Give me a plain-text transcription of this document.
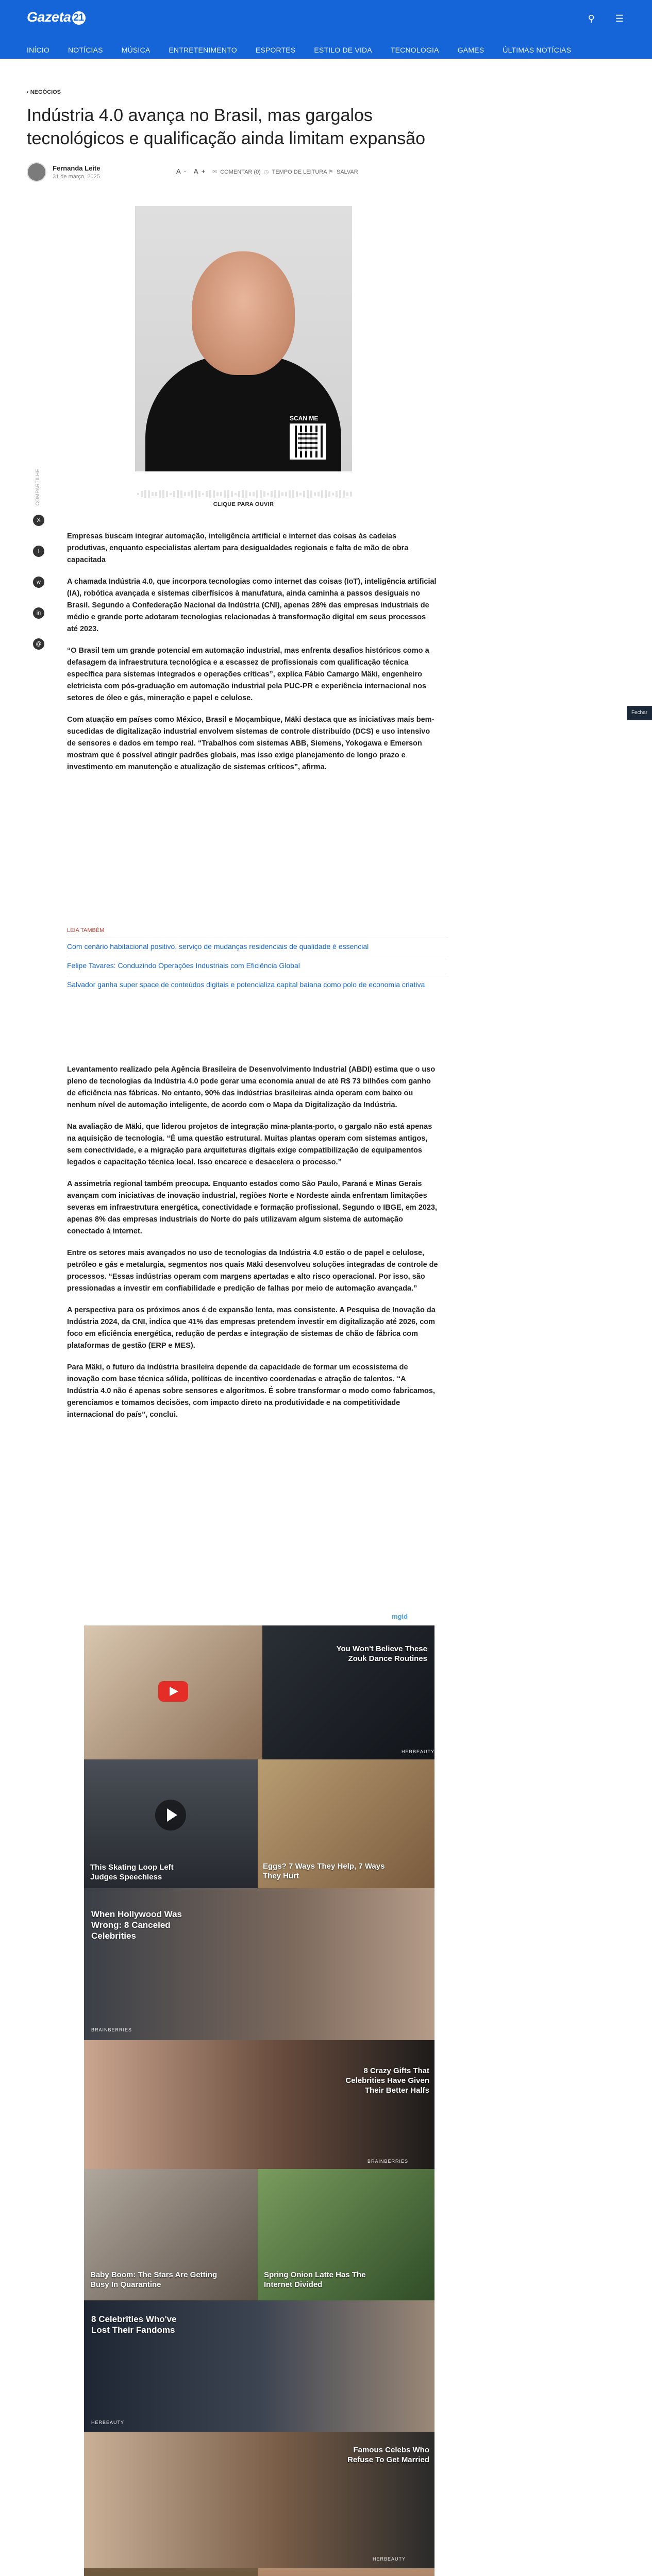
Gazeta 21	⚲ ☰
INÍCIO	NOTÍCIAS	MÚSICA	ENTRETENIMENTO	ESPORTES	ESTILO DE VIDA	TECNOLOGIA	GAMES	ÚLTIMAS NOTÍCIAS
‹ NEGÓCIOS
Indústria 4.0 avança no Brasil, mas gargalos tecnológicos e qualificação ainda limitam expansão
Fernanda Leite
31 de março, 2025
A- A+ ✉ COMENTAR (0) ◷ TEMPO DE LEITURA ⚑ SALVAR
COMPARTILHE
X
f
w
in
@
SCAN ME
CLIQUE PARA OUVIR

Empresas buscam integrar automação, inteligência artificial e internet das coisas às cadeias produtivas, enquanto especialistas alertam para desigualdades regionais e falta de mão de obra capacitada

A chamada Indústria 4.0, que incorpora tecnologias como internet das coisas (IoT), inteligência artificial (IA), robótica avançada e sistemas ciberfísicos à manufatura, ainda caminha a passos desiguais no Brasil. Segundo a Confederação Nacional da Indústria (CNI), apenas 28% das empresas industriais de médio e grande porte adotaram tecnologias relacionadas à transformação digital em seus processos até 2023.

“O Brasil tem um grande potencial em automação industrial, mas enfrenta desafios históricos como a defasagem da infraestrutura tecnológica e a escassez de profissionais com qualificação técnica específica para sistemas integrados e operações críticas”, explica Fábio Camargo Mäki, engenheiro eletricista com pós-graduação em automação industrial pela PUC-PR e experiência internacional nos setores de óleo e gás, mineração e papel e celulose.

Com atuação em países como México, Brasil e Moçambique, Mäki destaca que as iniciativas mais bem-sucedidas de digitalização industrial envolvem sistemas de controle distribuído (DCS) e uso intensivo de sensores e dados em tempo real. “Trabalhos com sistemas ABB, Siemens, Yokogawa e Emerson mostram que é possível atingir padrões globais, mas isso exige planejamento de longo prazo e investimento em manutenção e atualização de sistemas críticos”, afirma.

LEIA TAMBÉM
Com cenário habitacional positivo, serviço de mudanças residenciais de qualidade é essencial
Felipe Tavares: Conduzindo Operações Industriais com Eficiência Global
Salvador ganha super space de conteúdos digitais e potencializa capital baiana como polo de economia criativa

Levantamento realizado pela Agência Brasileira de Desenvolvimento Industrial (ABDI) estima que o uso pleno de tecnologias da Indústria 4.0 pode gerar uma economia anual de até R$ 73 bilhões com ganho de eficiência nas fábricas. No entanto, 90% das indústrias brasileiras ainda operam com baixo ou nenhum nível de automação inteligente, de acordo com o Mapa da Digitalização da Indústria.

Na avaliação de Mäki, que liderou projetos de integração mina-planta-porto, o gargalo não está apenas na aquisição de tecnologia. “É uma questão estrutural. Muitas plantas operam com sistemas antigos, sem conectividade, e a migração para arquiteturas digitais exige compatibilização de equipamentos legados e capacitação técnica local. Isso encarece e desacelera o processo.”

A assimetria regional também preocupa. Enquanto estados como São Paulo, Paraná e Minas Gerais avançam com iniciativas de inovação industrial, regiões Norte e Nordeste ainda enfrentam limitações severas em infraestrutura energética, conectividade e formação profissional. Segundo o IBGE, em 2023, apenas 8% das empresas industriais do Norte do país utilizavam algum sistema de automação conectado à internet.

Entre os setores mais avançados no uso de tecnologias da Indústria 4.0 estão o de papel e celulose, petróleo e gás e metalurgia, segmentos nos quais Mäki desenvolveu soluções integradas de controle de processos. “Essas indústrias operam com margens apertadas e alto risco operacional. Por isso, são pressionadas a investir em confiabilidade e predição de falhas por meio de automação avançada.”

A perspectiva para os próximos anos é de expansão lenta, mas consistente. A Pesquisa de Inovação da Indústria 2024, da CNI, indica que 41% das empresas pretendem investir em digitalização até 2026, com foco em eficiência energética, redução de perdas e integração de sistemas de chão de fábrica com plataformas de gestão (ERP e MES).

Para Mäki, o futuro da indústria brasileira depende da capacidade de formar um ecossistema de inovação com base técnica sólida, políticas de incentivo coordenadas e atração de talentos. “A Indústria 4.0 não é apenas sobre sensores e algoritmos. É sobre transformar o modo como fabricamos, gerenciamos e tomamos decisões, com impacto direto na produtividade e na competitividade internacional do país”, conclui.

mgid
You Won't Believe These Zouk Dance Routines
HERBEAUTY
This Skating Loop Left Judges Speechless
Eggs? 7 Ways They Help, 7 Ways They Hurt
When Hollywood Was Wrong: 8 Canceled Celebrities
BRAINBERRIES
8 Crazy Gifts That Celebrities Have Given Their Better Halfs
BRAINBERRIES
Baby Boom: The Stars Are Getting Busy In Quarantine
Spring Onion Latte Has The Internet Divided
8 Celebrities Who've Lost Their Fandoms
HERBEAUTY
Famous Celebs Who Refuse To Get Married
HERBEAUTY
Fechar
